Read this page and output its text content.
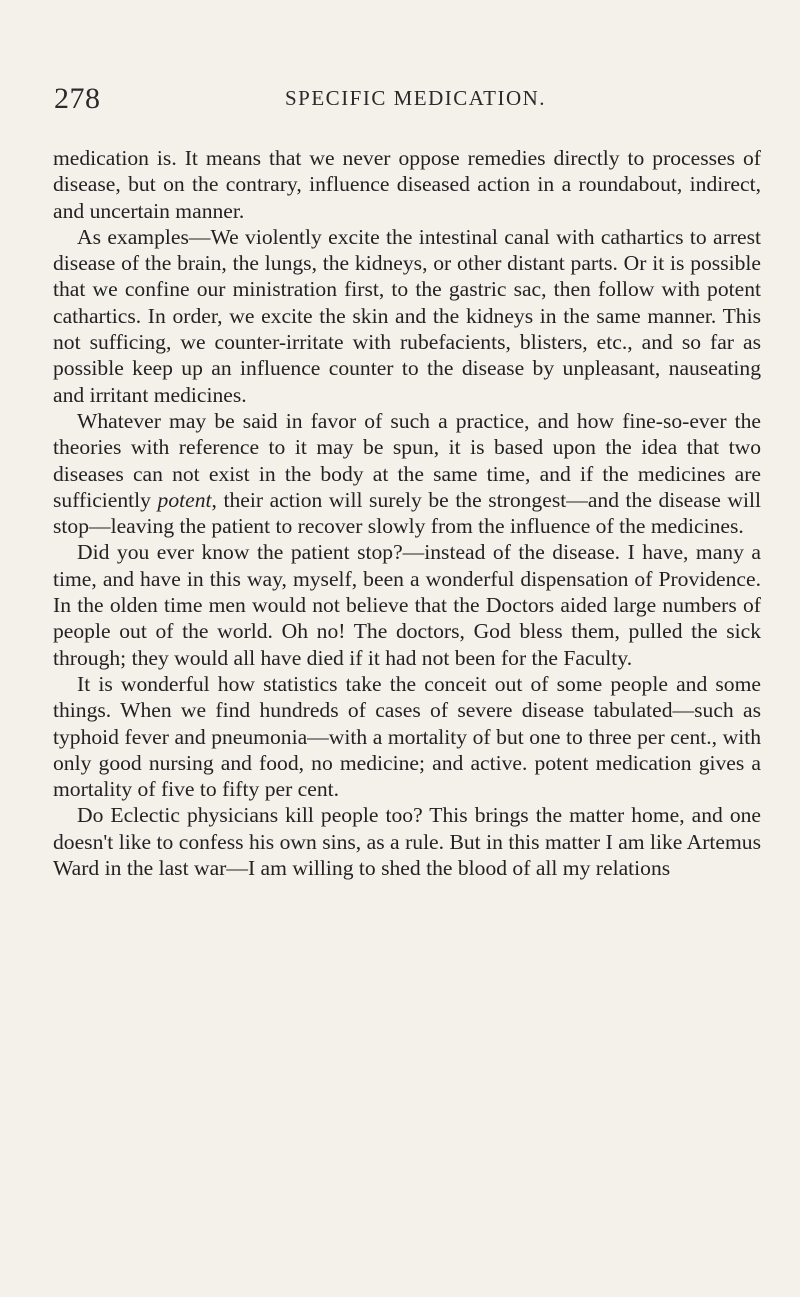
278	SPECIFIC MEDICATION.

medication is. It means that we never oppose remedies directly to processes of disease, but on the contrary, influence diseased action in a roundabout, indirect, and uncertain manner.

As examples—We violently excite the intestinal canal with cathartics to arrest disease of the brain, the lungs, the kidneys, or other distant parts. Or it is possible that we confine our ministration first, to the gastric sac, then follow with potent cathartics. In order, we excite the skin and the kidneys in the same manner. This not sufficing, we counter-irritate with rubefacients, blisters, etc., and so far as possible keep up an influence counter to the disease by unpleasant, nauseating and irritant medicines.

Whatever may be said in favor of such a practice, and how fine-so-ever the theories with reference to it may be spun, it is based upon the idea that two diseases can not exist in the body at the same time, and if the medicines are sufficiently potent, their action will surely be the strongest—and the disease will stop—leaving the patient to recover slowly from the influence of the medicines.

Did you ever know the patient stop?—instead of the disease. I have, many a time, and have in this way, myself, been a wonderful dispensation of Providence. In the olden time men would not believe that the Doctors aided large numbers of people out of the world. Oh no! The doctors, God bless them, pulled the sick through; they would all have died if it had not been for the Faculty.

It is wonderful how statistics take the conceit out of some people and some things. When we find hundreds of cases of severe disease tabulated—such as typhoid fever and pneumonia—with a mortality of but one to three per cent., with only good nursing and food, no medicine; and active. potent medication gives a mortality of five to fifty per cent.

Do Eclectic physicians kill people too? This brings the matter home, and one doesn't like to confess his own sins, as a rule. But in this matter I am like Artemus Ward in the last war—I am willing to shed the blood of all my relations
